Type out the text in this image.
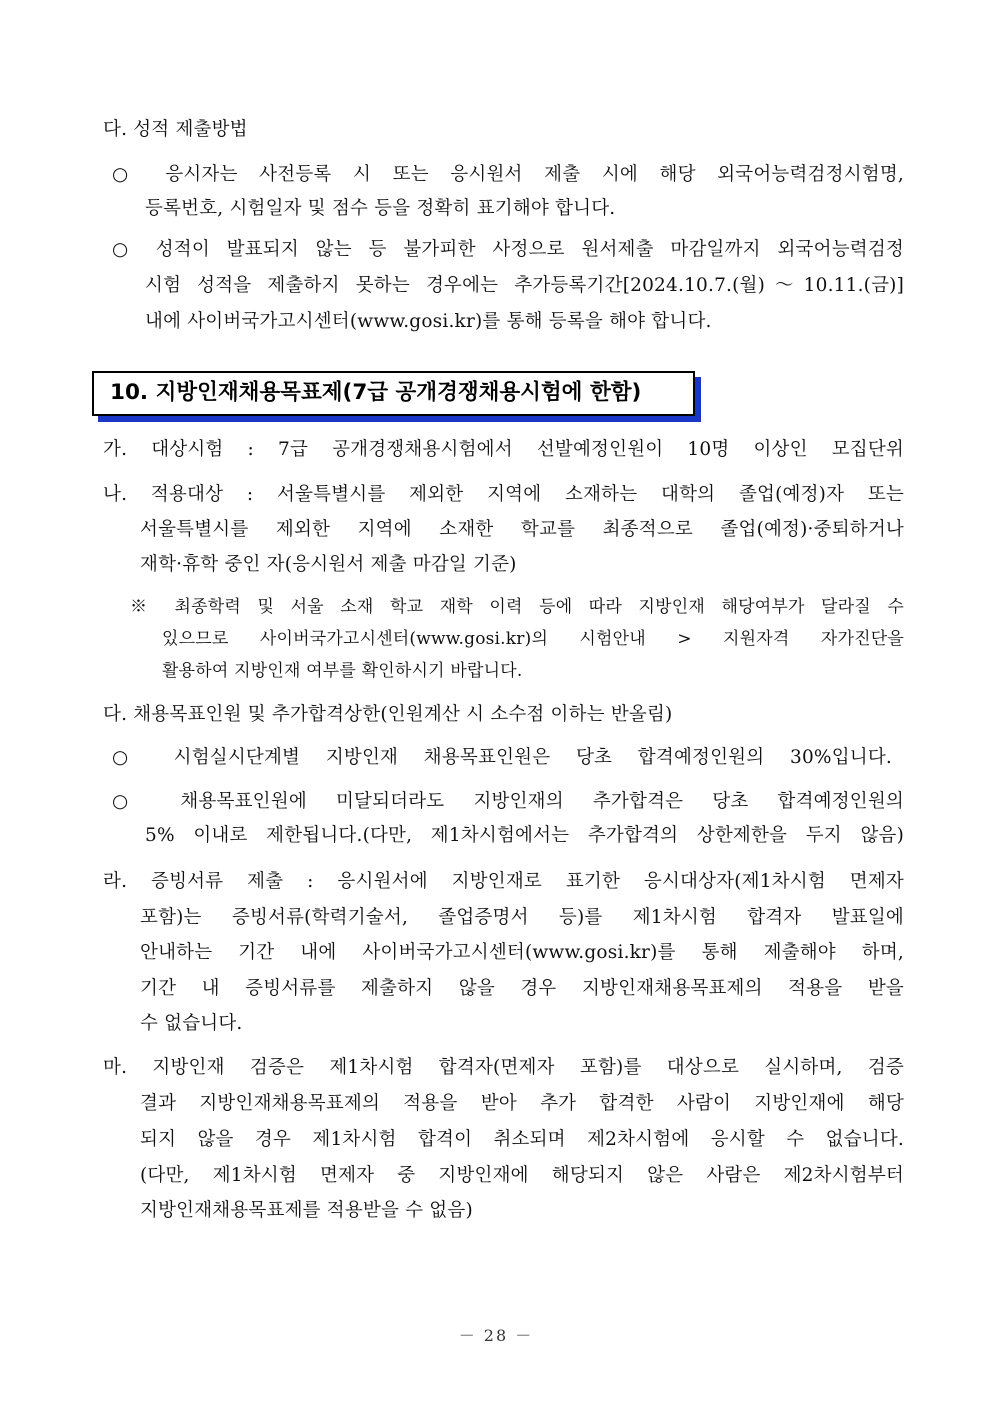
다. 성적 제출방법
○ 응시자는 사전등록 시 또는 응시원서 제출 시에 해당 외국어능력검정시험명,
등록번호, 시험일자 및 점수 등을 정확히 표기해야 합니다.
○ 성적이 발표되지 않는 등 불가피한 사정으로 원서제출 마감일까지 외국어능력검정
시험 성적을 제출하지 못하는 경우에는 추가등록기간[2024.10.7.(월)～10.11.(금)]
내에 사이버국가고시센터(www.gosi.kr)를 통해 등록을 해야 합니다.
10. 지방인재채용목표제(7급 공개경쟁채용시험에 한함)
가. 대상시험 : 7급 공개경쟁채용시험에서 선발예정인원이 10명 이상인 모집단위
나. 적용대상 : 서울특별시를 제외한 지역에 소재하는 대학의 졸업(예정)자 또는
서울특별시를 제외한 지역에 소재한 학교를 최종적으로 졸업(예정)·중퇴하거나
재학·휴학 중인 자(응시원서 제출 마감일 기준)
※ 최종학력 및 서울 소재 학교 재학 이력 등에 따라 지방인재 해당여부가 달라질 수
있으므로 사이버국가고시센터(www.gosi.kr)의 시험안내 > 지원자격 자가진단을
활용하여 지방인재 여부를 확인하시기 바랍니다.
다. 채용목표인원 및 추가합격상한(인원계산 시 소수점 이하는 반올림)
○ 시험실시단계별 지방인재 채용목표인원은 당초 합격예정인원의 30%입니다.
○ 채용목표인원에 미달되더라도 지방인재의 추가합격은 당초 합격예정인원의
5% 이내로 제한됩니다.(다만, 제1차시험에서는 추가합격의 상한제한을 두지 않음)
라. 증빙서류 제출 : 응시원서에 지방인재로 표기한 응시대상자(제1차시험 면제자
포함)는 증빙서류(학력기술서, 졸업증명서 등)를 제1차시험 합격자 발표일에
안내하는 기간 내에 사이버국가고시센터(www.gosi.kr)를 통해 제출해야 하며,
기간 내 증빙서류를 제출하지 않을 경우 지방인재채용목표제의 적용을 받을
수 없습니다.
마. 지방인재 검증은 제1차시험 합격자(면제자 포함)를 대상으로 실시하며, 검증
결과 지방인재채용목표제의 적용을 받아 추가 합격한 사람이 지방인재에 해당
되지 않을 경우 제1차시험 합격이 취소되며 제2차시험에 응시할 수 없습니다.
(다만, 제1차시험 면제자 중 지방인재에 해당되지 않은 사람은 제2차시험부터
지방인재채용목표제를 적용받을 수 없음)
－ 28 －
